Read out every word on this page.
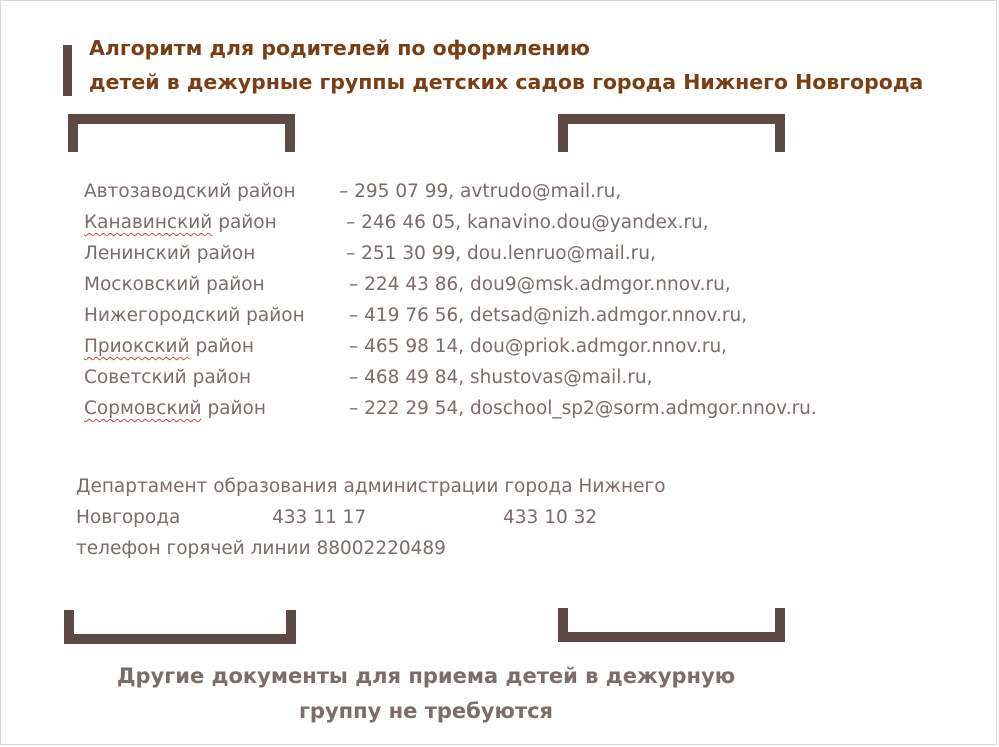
Алгоритм для родителей по оформлению
детей в дежурные группы детских садов города Нижнего Новгорода
Автозаводский район – 295 07 99, avtrudo@mail.ru,
Канавинский район	– 246 46 05, kanavino.dou@yandex.ru,
Ленинский район	– 251 30 99, dou.lenruo@mail.ru,
Московский район	– 224 43 86, dou9@msk.admgor.nnov.ru,
Нижегородский район – 419 76 56, detsad@nizh.admgor.nnov.ru,
Приокский район	– 465 98 14, dou@priok.admgor.nnov.ru,
Советский район	– 468 49 84, shustovas@mail.ru,
Сормовский район	– 222 29 54, doschool_sp2@sorm.admgor.nnov.ru.
Департамент образования администрации города Нижнего
Новгорода	433 11 17	433 10 32
телефон горячей линии 88002220489
Другие документы для приема детей в дежурную
группу не требуются
